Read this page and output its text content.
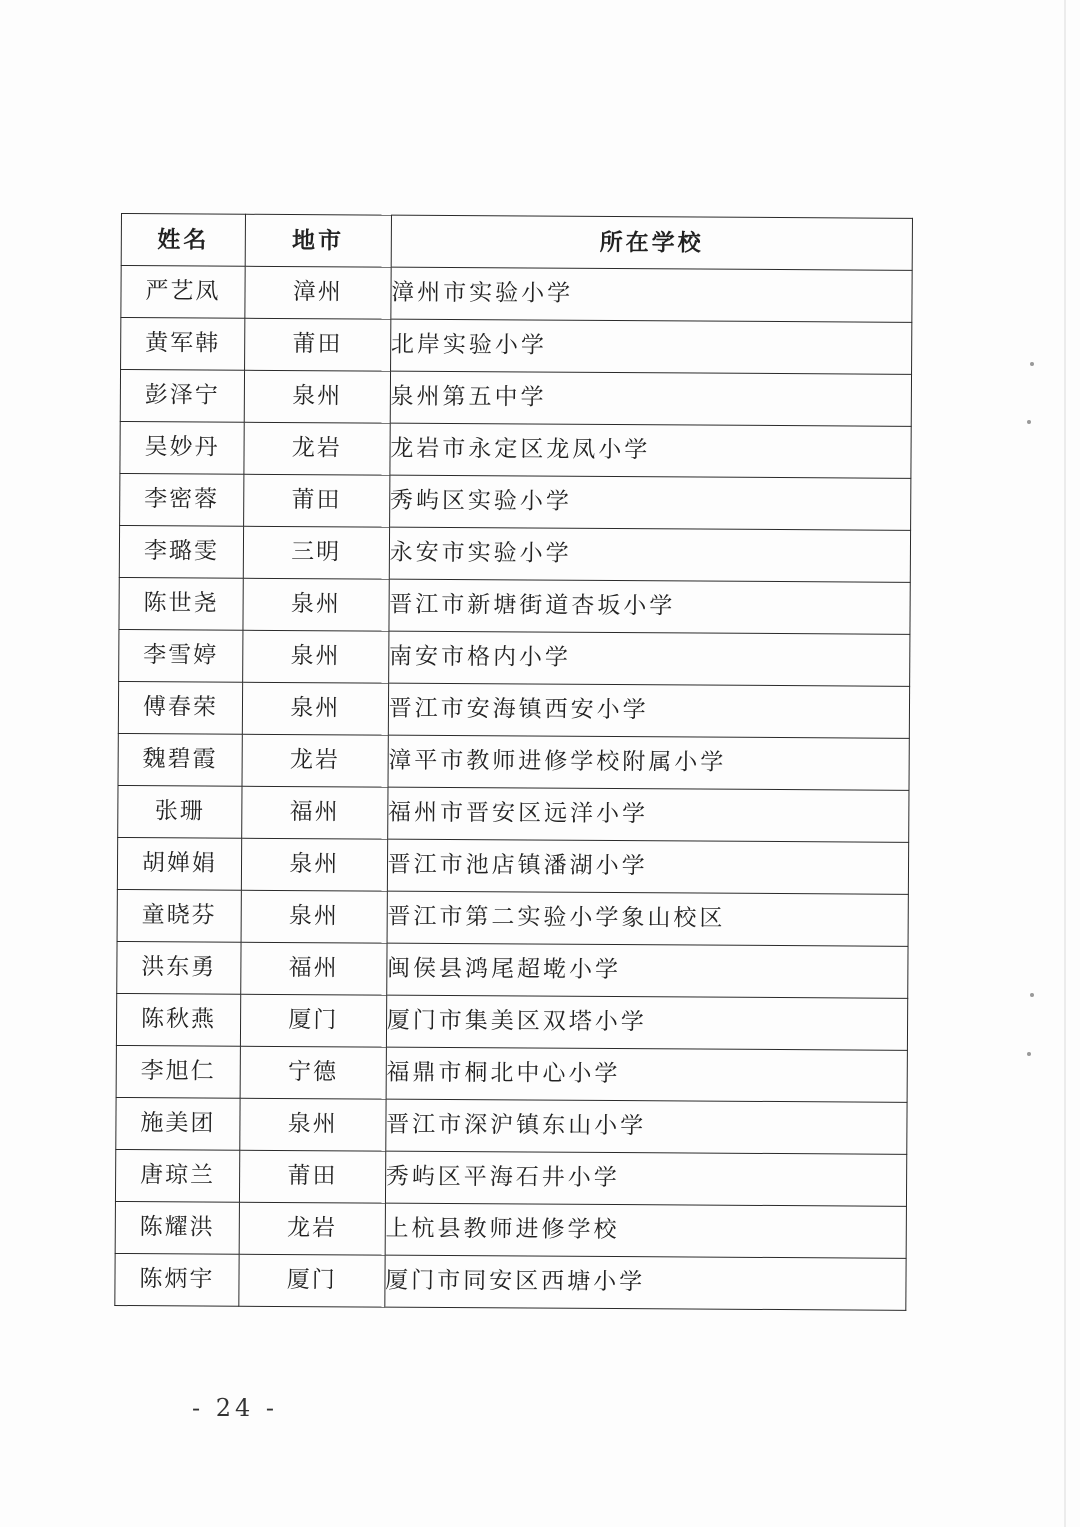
姓名	地市	所在学校
严艺凤	漳州	漳州市实验小学
黄军韩	莆田	北岸实验小学
彭泽宁	泉州	泉州第五中学
吴妙丹	龙岩	龙岩市永定区龙凤小学
李密蓉	莆田	秀屿区实验小学
李璐雯	三明	永安市实验小学
陈世尧	泉州	晋江市新塘街道杏坂小学
李雪婷	泉州	南安市格内小学
傅春荣	泉州	晋江市安海镇西安小学
魏碧霞	龙岩	漳平市教师进修学校附属小学
张珊	福州	福州市晋安区远洋小学
胡婵娟	泉州	晋江市池店镇潘湖小学
童晓芬	泉州	晋江市第二实验小学象山校区
洪东勇	福州	闽侯县鸿尾超墘小学
陈秋燕	厦门	厦门市集美区双塔小学
李旭仁	宁德	福鼎市桐北中心小学
施美团	泉州	晋江市深沪镇东山小学
唐琼兰	莆田	秀屿区平海石井小学
陈耀洪	龙岩	上杭县教师进修学校
陈炳宇	厦门	厦门市同安区西塘小学
- 24 -
